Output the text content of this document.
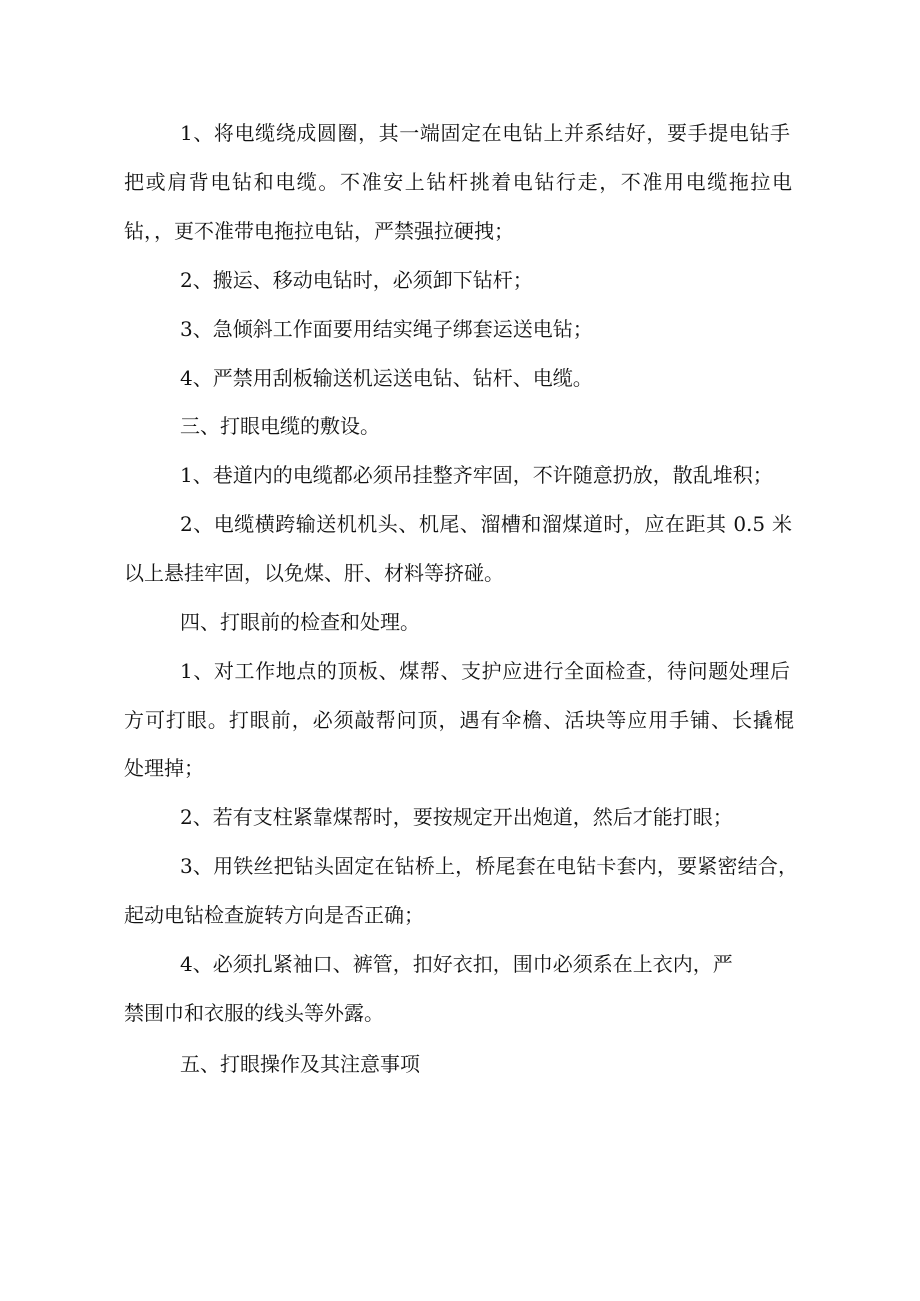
1、将电缆绕成圆圈，其一端固定在电钻上并系结好，要手提电钻手

把或肩背电钻和电缆。不准安上钻杆挑着电钻行走，不准用电缆拖拉电

钻，，更不准带电拖拉电钻，严禁强拉硬拽；

2、搬运、移动电钻时，必须卸下钻杆；

3、急倾斜工作面要用结实绳子绑套运送电钻；

4、严禁用刮板输送机运送电钻、钻杆、电缆。

三、打眼电缆的敷设。

1、巷道内的电缆都必须吊挂整齐牢固，不许随意扔放，散乱堆积；

2、电缆横跨输送机机头、机尾、溜槽和溜煤道时，应在距其 0.5 米

以上悬挂牢固，以免煤、肝、材料等挤碰。

四、打眼前的检查和处理。

1、对工作地点的顶板、煤帮、支护应进行全面检查，待问题处理后

方可打眼。打眼前，必须敲帮问顶，遇有伞檐、活块等应用手铺、长撬棍

处理掉；

2、若有支柱紧靠煤帮时，要按规定开出炮道，然后才能打眼；

3、用铁丝把钻头固定在钻桥上，桥尾套在电钻卡套内，要紧密结合，

起动电钻检查旋转方向是否正确；

4、必须扎紧袖口、裤管，扣好衣扣，围巾必须系在上衣内，严

禁围巾和衣服的线头等外露。

五、打眼操作及其注意事项
